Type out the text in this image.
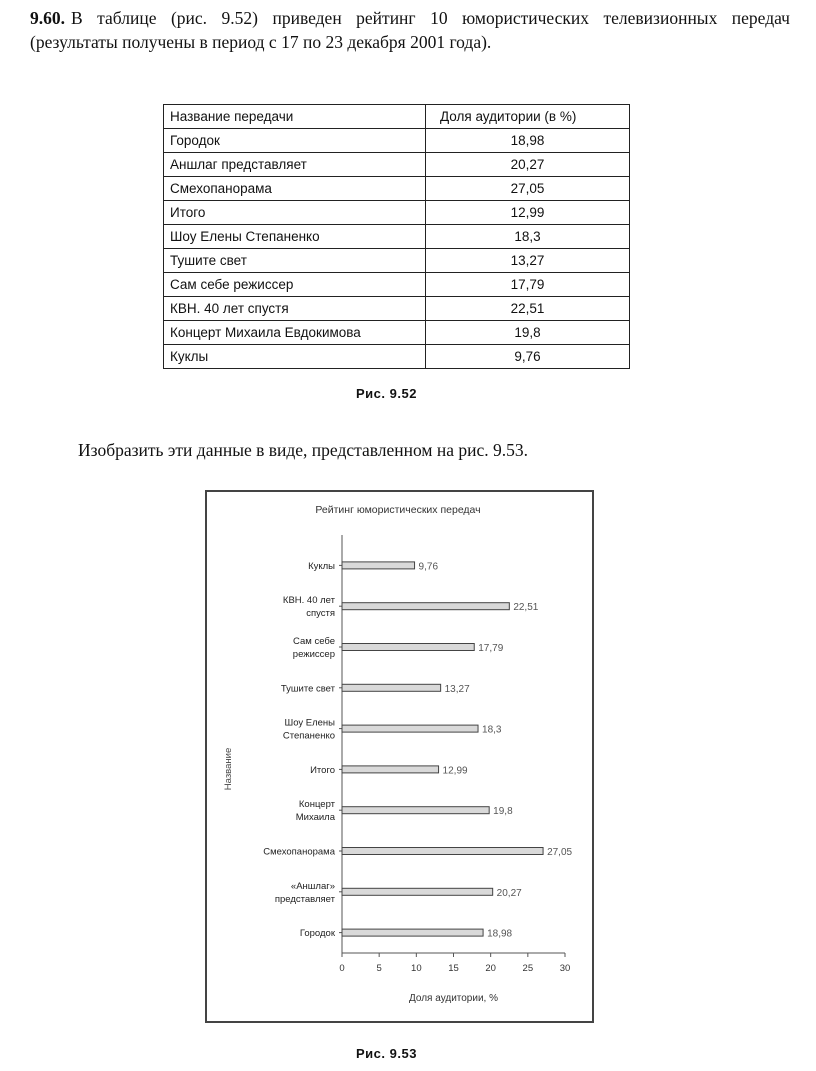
9.60. В таблице (рис. 9.52) приведен рейтинг 10 юмористических телевизионных передач (результаты получены в период с 17 по 23 декабря 2001 года).
Название передачи	Доля аудитории (в %)
Городок	18,98
Аншлаг представляет	20,27
Смехопанорама	27,05
Итого	12,99
Шоу Елены Степаненко	18,3
Тушите свет	13,27
Сам себе режиссер	17,79
КВН. 40 лет спустя	22,51
Концерт Михаила Евдокимова	19,8
Куклы	9,76
Рис. 9.52
Изобразить эти данные в виде, представленном на рис. 9.53.
Рейтинг юмористических передач
0	5	10	15	20	25	30
Доля аудитории, %
Название
9,76
Куклы
22,51
КВН. 40 лет
спустя
17,79
Сам себе
режиссер
13,27
Тушите свет
18,3
Шоу Елены
Степаненко
12,99
Итого
19,8
Концерт
Михаила
27,05
Смехопанорама
20,27
«Аншлаг»
представляет
18,98
Городок
Рис. 9.53
